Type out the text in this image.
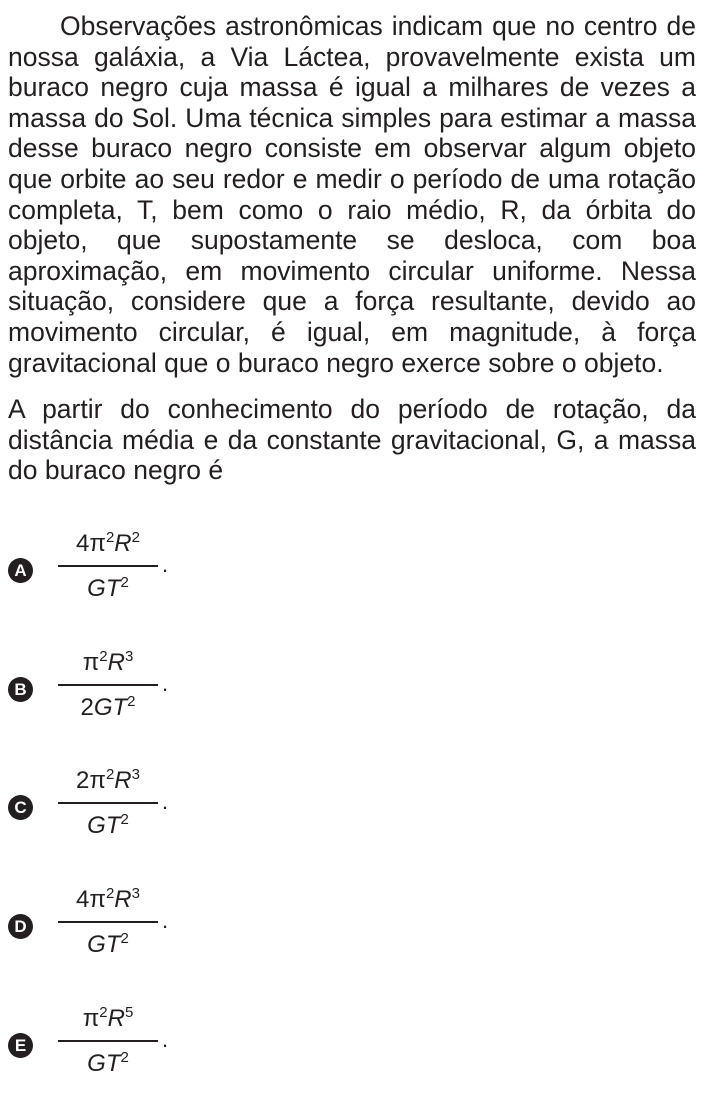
Observações astronômicas indicam que no centro de nossa galáxia, a Via Láctea, provavelmente exista um buraco negro cuja massa é igual a milhares de vezes a massa do Sol. Uma técnica simples para estimar a massa desse buraco negro consiste em observar algum objeto que orbite ao seu redor e medir o período de uma rotação completa, T, bem como o raio médio, R, da órbita do objeto, que supostamente se desloca, com boa aproximação, em movimento circular uniforme. Nessa situação, considere que a força resultante, devido ao movimento circular, é igual, em magnitude, à força gravitacional que o buraco negro exerce sobre o objeto.
A partir do conhecimento do período de rotação, da distância média e da constante gravitacional, G, a massa do buraco negro é
A
$4\pi^2R^2$
.
$GT^2$
B
$\pi^2R^3$
.
$2GT^2$
C
$2\pi^2R^3$
.
$GT^2$
D
$4\pi^2R^3$
.
$GT^2$
E
$\pi^2R^5$
.
$GT^2$
